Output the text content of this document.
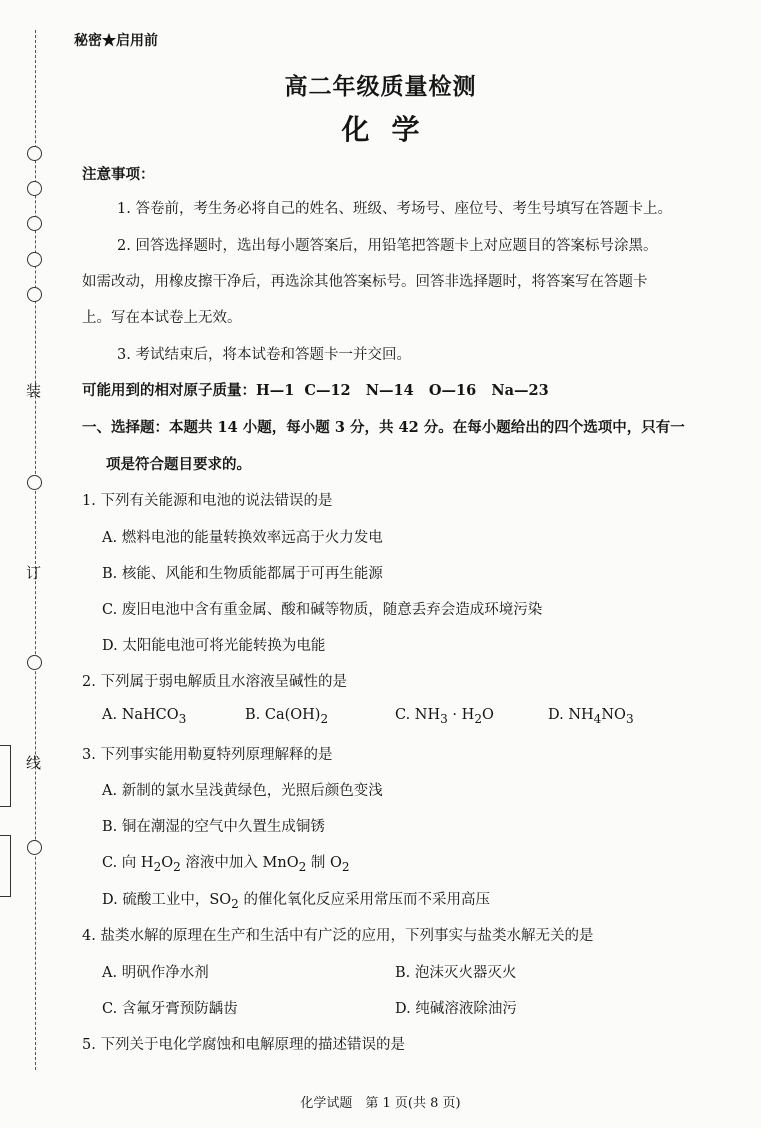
装
订
线
秘密★启用前
高二年级质量检测
化学
注意事项：
1. 答卷前，考生务必将自己的姓名、班级、考场号、座位号、考生号填写在答题卡上。
2. 回答选择题时，选出每小题答案后，用铅笔把答题卡上对应题目的答案标号涂黑。
如需改动，用橡皮擦干净后，再选涂其他答案标号。回答非选择题时，将答案写在答题卡
上。写在本试卷上无效。
3. 考试结束后，将本试卷和答题卡一并交回。
可能用到的相对原子质量：H—1 C—12 N—14 O—16 Na—23
一、选择题：本题共 14 小题，每小题 3 分，共 42 分。在每小题给出的四个选项中，只有一
项是符合题目要求的。
1. 下列有关能源和电池的说法错误的是
A. 燃料电池的能量转换效率远高于火力发电
B. 核能、风能和生物质能都属于可再生能源
C. 废旧电池中含有重金属、酸和碱等物质，随意丢弃会造成环境污染
D. 太阳能电池可将光能转换为电能
2. 下列属于弱电解质且水溶液呈碱性的是
A. NaHCO$_3$	B. $Ca(OH)_2$	C. $NH_3 \cdot H_2O$	D. $NH_4NO_3$
3. 下列事实能用勒夏特列原理解释的是
A. 新制的氯水呈浅黄绿色，光照后颜色变浅
B. 铜在潮湿的空气中久置生成铜锈
C. 向 $H_2O_2$ 溶液中加入 MnO$_2$ 制 $O_2$
D. 硫酸工业中，$SO_2$ 的催化氧化反应采用常压而不采用高压
4. 盐类水解的原理在生产和生活中有广泛的应用，下列事实与盐类水解无关的是
A. 明矾作净水剂	B. 泡沫灭火器灭火
C. 含氟牙膏预防龋齿	D. 纯碱溶液除油污
5. 下列关于电化学腐蚀和电解原理的描述错误的是
化学试题　第 1 页(共 8 页)
